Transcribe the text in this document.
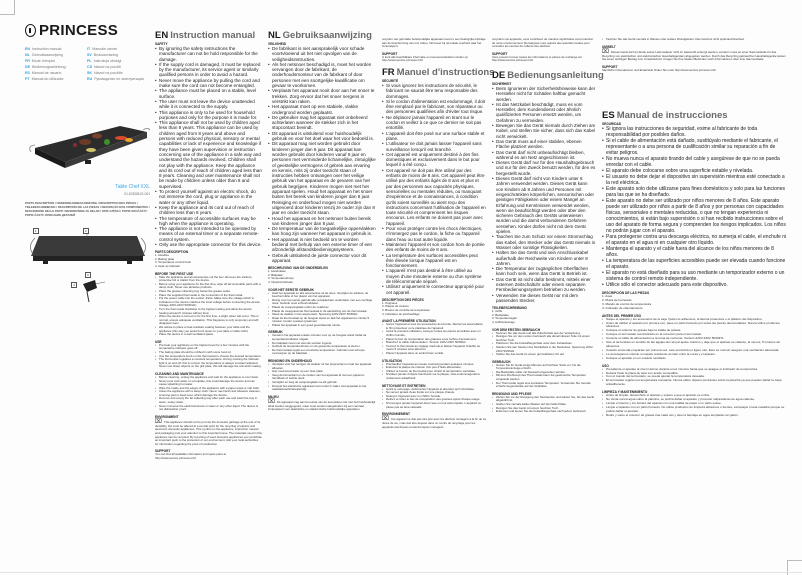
PRINCESS
EN Instruction manual	IT Manuale utente
NL Gebruiksaanwijzing	SV Bruksanvisning
FR Mode d'emploi	PL Instrukcja obsługi
DE Bedienungsanleitung	CS Návod na použití
ES Manual de usuario	SK Návod na použitie
PT Manual do utilizador	RU Руководство по эксплуатации
Table Chef XXL
01.103326.01.001
PARTS DESCRIPTION / ONDERDELENBESCHRIJVING / DESCRIPTION DES PIÈCES / TEILEBESCHREIBUNG / DESCRIPCIÓN DE LAS PIEZAS / DESCRIÇÃO DOS COMPONENTES / DESCRIZIONE DELLE PARTI / BESKRIVNING AV DELAR / OPIS CZĘŚCI / POPIS SOUČÁSTÍ / POPIS ČASTÍ / ОПИСАНИЕ ДЕТАЛЕЙ
1	2
3
4
EN Instruction manual
SAFETY
• By ignoring the safety instructions the manufacturer can not be hold responsible for the damage.
• If the supply cord is damaged, it must be replaced by the manufacturer, its service agent or similarly qualified persons in order to avoid a hazard.
• Never move the appliance by pulling the cord and make sure the cord can not become entangled.
• The appliance must be placed on a stable, level surface.
• The user must not leave the device unattended while it is connected to the supply.
• This appliance is only to be used for household purposes and only for the purpose it is made for.
• This appliance shall not be used by children aged less than 8 years. This appliance can be used by children aged from 8 years and above and persons with reduced physical, sensory or mental capabilities or lack of experience and knowledge if they have been given supervision or instruction concerning use of the appliance in a safe way and understand the hazards involved. Children shall not play with the appliance. Keep the appliance and its cord out of reach of children aged less than 8 years. Cleaning and user maintenance shall not be made by children unless older than 8 and supervised.
• To protect yourself against an electric shock, do not immerse the cord, plug or appliance in the water or any other liquid.
• Keep the appliance and its cord out of reach of children less than 8 years.
• The temperature of accessible surfaces may be high when the appliance is operating.
• The appliance is not intended to be operated by means of an external timer or a separate remote-control system.
• Only use the appropriate connector for this device.
PARTS DESCRIPTION
1. Handles
2. Baking plate
3. Temperature control knob
4. Heat up indicator
BEFORE THE FIRST USE
• Take the appliance and all accessories out the box. Remove the stickers, protective foil or plastic from the device.
• Before using your appliance for the first time, wipe off all removable parts with a damp cloth. Never use abrasive products.
• Place the grease collecting tray below the grease outlet.
• Place the supplied thermostat in the connection of the thermostat.
• Put the power cable into the socket. (Note: Make sure the voltage which is indicated on the device matches the local voltage before connecting the device. Voltage 220V-240V 50/60Hz)
• Turn the thermostat clockwise to the highest setting and allow the device heating at least 5 minutes without food.
• When the device is turned on for the first time, a slight odour will occur. This is normal, ensure adequate ventilation. This fragrance is only temporary and will disappear soon.
• We advise to place a heat-resistant coating between your table and the appliance (this way you avoid burnt spots on your table or table cloth).
• Place the device in a well ventilated space.
USE
• Pre-heat your appliance on the highest level for a few minutes until the temperature indicator goes off.
• The baking plate should be rubbed in with some food oil.
• Use the temperature knob on the thermostat to choose the desired temperature.
• The thermostat regulates a constant temperature. During cooking the indicator light is on and off, this is normal, the temperature is always constant adjusted. Never use sharp objects on the grill plate, this will damage the anti-stick coating.
CLEANING AND MAINTENANCE
• Before cleaning, unplug the appliance and wait for the appliance to cool down.
• Never pour cold water on a hotplate, this could damage the device and can cause splashing hot water.
• Wipe the inside and the edges of the appliance with a paper towel or soft cloth.
• Clean the appliance with a damp cloth. Never use harsh and abrasive cleaners, scouring pad or steel wool, which damage the device.
• Remove and empty the fat collecting tray after each use and wash the tray in warm, soapy water.
• Never immerse the electrical device in water or any other liquid. The device is not dishwasher proof.
ENVIRONMENT
⌧ This appliance should not be put into the domestic garbage at the end of its durability, but must be offered at a central point for the recycling of electric and electronic domestic appliances. This symbol on the appliance, instruction manual and packaging puts your attention to this important issue. The materials used in this appliance can be recycled. By recycling of used domestic appliances you contribute an important push to the protection of our environment. Ask your local authorities for information regarding the point of recollection.
SUPPORT
You can find all available information and spare parts at http://www.service.princess.info!
NL Gebruiksaanwijzing
VEILIGHEID
• De fabrikant is niet aansprakelijk voor schade voortvloeiend uit het niet opvolgen van de veiligheidsinstructies.
• Als het netsnoer beschadigd is, moet het worden vervangen door de fabrikant, de onderhoudsmonteur van de fabrikant of door personen met een soortgelijke kwalificatie om gevaar te voorkomen.
• Verplaats het apparaat nooit door aan het snoer te trekken. Zorg ervoor dat het snoer nergens in verstrikt kan raken.
• Het apparaat moet op een stabiele, vlakke ondergrond worden geplaatst.
• De gebruiker mag het apparaat niet onbeheerd achterlaten wanneer de stekker zich in het stopcontact bevindt.
• Dit apparaat is uitsluitend voor huishoudelijk gebruik en voor het doel waar het voor bedoeld is.
• Dit apparaat mag niet worden gebruikt door kinderen jonger dan 8 jaar. Dit apparaat kan worden gebruikt door kinderen vanaf 8 jaar en personen met verminderde lichamelijke, zintuiglijke of geestelijke vermogens of gebrek aan ervaring en kennis, mits zij onder toezicht staan of instructies hebben ontvangen over het veilige gebruik van het apparaat en de gevaren van het gebruik begrijpen. Kinderen mogen niet met het apparaat spelen. Houd het apparaat en het snoer buiten het bereik van kinderen jonger dan 8 jaar. Reiniging en onderhoud mogen niet worden uitgevoerd door kinderen tenzij ze ouder zijn dan 8 jaar en onder toezicht staan.
• Houd het apparaat en het netsnoer buiten bereik van kinderen jonger dan 8 jaar.
• De temperatuur van de toegankelijke oppervlakken kan hoog zijn wanneer het apparaat in gebruik is.
• Het apparaat is niet bedoeld om te worden bediend met behulp van een externe timer of een afzonderlijk afstandsbedieningssysteem.
• Gebruik uitsluitend de juiste connector voor dit apparaat.
BESCHRIJVING VAN DE ONDERDELEN
1. Handvatten
2. Bakplaat
3. Temperatuurknop
4. Opwarmindicator
VOOR HET EERSTE GEBRUIK
• Haal het apparaat en alle accessoires uit de doos. Verwijder de stickers, de beschermfolie of het plastic van het apparaat.
• Reinig voor het eerste gebruik alle verwijderbare onderdelen met een vochtige doek. Gebruik nooit schuurmiddelen.
• Plaats de vetopvanglade onder de vetafvoer.
• Plaats de meegeleverde thermostaat in de aansluiting van de thermostaat.
• Steek de stekker in het stopcontact. Spanning 220V-240V 50/60Hz.
• Draai de thermostaat op de hoogste stand en laat het apparaat ten minste 5 minuten zonder voedsel opwarmen.
• Plaats het apparaat in een goed geventileerde ruimte.
GEBRUIK
• Verwarm het apparaat enkele minuten voor op de hoogste stand totdat de temperatuurindicator uitgaat.
• De bakplaat moet met wat olie worden ingevet.
• Gebruik de temperatuurknop om de gewenste temperatuur te kiezen.
• De thermostaat regelt een constante temperatuur. Gebruik nooit scherpe voorwerpen op de bakplaat.
REINIGING EN ONDERHOUD
• Verwijder vóór het reinigen de stekker uit het stopcontact en laat het apparaat afkoelen.
• Giet nooit koud water op een hete plaat.
• Veeg de binnenkant en de randen van het apparaat af met een papieren handdoek of zachte doek.
• Verwijder en leeg de vetopvanglade na elk gebruik.
• Dompel het elektrische apparaat nooit onder in water. Het apparaat is niet vaatwasmachinebestendig.
MILIEU
⌧ Dit apparaat mag aan het einde van de levensduur niet met het huishoudelijk afval worden weggegooid, maar moet worden aangeboden bij een centraal inzamelpunt voor elektrische en elektronische huishoudelijke apparaten.
recyclen van gebruikte huishoudelijke apparaten levert u een belangrijke bijdrage aan de bescherming van ons milieu. Informeer bij uw lokale overheid naar het inzamelpunt.
SUPPORT
U kunt alle beschikbare informatie en reserveonderdelen vinden op http://www.service.princess.info!
FR Manuel d'instructions
SÉCURITÉ
• Si vous ignorez les instructions de sécurité, le fabricant ne saurait être tenu responsable des dommages.
• Si le cordon d'alimentation est endommagé, il doit être remplacé par le fabricant, son réparateur ou des personnes qualifiées afin d'éviter tout risque.
• Ne déplacez jamais l'appareil en tirant sur le cordon et veillez à ce que ce dernier ne soit pas entortillé.
• L'appareil doit être posé sur une surface stable et plane.
• L'utilisateur ne doit jamais laisser l'appareil sans surveillance lorsqu'il est branché.
• Cet appareil est uniquement destiné à des fins domestiques et exclusivement dans le but pour lequel il a été conçu.
• Cet appareil ne doit pas être utilisé par des enfants de moins de 8 ans. Cet appareil peut être utilisé par des enfants âgés de 8 ans et plus et par des personnes aux capacités physiques, sensorielles ou mentales réduites, ou manquant d'expérience et de connaissances, à condition qu'ils soient surveillés ou aient reçu des instructions concernant l'utilisation de l'appareil en toute sécurité et comprennent les risques encourus. Les enfants ne doivent pas jouer avec l'appareil.
• Pour vous protéger contre les chocs électriques, n'immergez pas le cordon, la fiche ou l'appareil dans l'eau ou tout autre liquide.
• Maintenez l'appareil et son cordon hors de portée des enfants de moins de 8 ans.
• La température des surfaces accessibles peut être élevée lorsque l'appareil est en fonctionnement.
• L'appareil n'est pas destiné à être utilisé au moyen d'une minuterie externe ou d'un système de télécommande séparé.
• Utilisez uniquement le connecteur approprié pour cet appareil.
DESCRIPTION DES PIÈCES
1. Poignées
2. Plaque de cuisson
3. Bouton de contrôle de température
4. Indicateur de préchauffage
AVANT LA PREMIÈRE UTILISATION
• Sortez l'appareil et tous les accessoires de la boîte. Retirez les autocollants, le film protecteur ou le plastique de l'appareil.
• Avant la première utilisation, essuyez toutes les pièces amovibles avec un chiffon humide.
• Placez le bac de récupération des graisses sous l'orifice d'écoulement.
• Branchez le câble d'alimentation. Tension 220V-240V 50/60Hz.
• Tournez le thermostat au réglage maximal et laissez l'appareil chauffer au moins 5 minutes sans aliments.
• Placez l'appareil dans un endroit bien ventilé.
UTILISATION
• Préchauffez l'appareil au niveau maximal pendant quelques minutes.
• Enduisez la plaque de cuisson d'un peu d'huile alimentaire.
• Utilisez le bouton du thermostat pour choisir la température souhaitée.
• N'utilisez jamais d'objets tranchants sur la plaque, cela endommagerait le revêtement antiadhésif.
NETTOYAGE ET ENTRETIEN
• Avant le nettoyage, débranchez l'appareil et attendez qu'il refroidisse.
• Ne versez jamais d'eau froide sur une plaque chaude.
• Nettoyez l'appareil avec un chiffon humide.
• Retirez et videz le bac de récupération des graisses après chaque usage.
• N'immergez jamais l'appareil dans l'eau ou tout autre liquide. L'appareil ne passe pas au lave-vaisselle.
ENVIRONNEMENT
⌧ Cet appareil ne doit pas être jeté avec les déchets ménagers à la fin de sa durée de vie, mais doit être déposé dans un centre de recyclage pour les appareils électriques et électroniques ménagers.
recyclant vos appareils, vous contribuez de manière significative à la protection de notre environnement. Renseignez-vous auprès des autorités locales pour connaître les centres de collecte des déchets.
SUPPORT
Vous pouvez trouver toutes les informations et pièces de rechange sur http://www.service.princess.info!
DE Bedienungsanleitung
SICHERHEIT
• Beim Ignorieren der Sicherheitshinweise kann der Hersteller nicht für Schäden haftbar gemacht werden.
• Ist das Netzkabel beschädigt, muss es vom Hersteller, dem Kundendienst oder ähnlich qualifizierten Personen ersetzt werden, um Gefahren zu vermeiden.
• Bewegen Sie das Gerät niemals durch Ziehen am Kabel, und stellen Sie sicher, dass sich das Kabel nicht verwickelt.
• Das Gerät muss auf einer stabilen, ebenen Fläche platziert werden.
• Das Gerät darf nicht unbeaufsichtigt bleiben, während es am Netz angeschlossen ist.
• Dieses Gerät darf nur für den Haushaltsgebrauch und nur für den Zweck benutzt werden, für den es hergestellt wurde.
• Dieses Gerät darf nicht von Kindern unter 8 Jahren verwendet werden. Dieses Gerät kann von Kindern ab 8 Jahren und Personen mit eingeschränkten körperlichen, sensorischen oder geistigen Fähigkeiten oder einem Mangel an Erfahrung und Kenntnissen verwendet werden, wenn sie beaufsichtigt werden oder über den sicheren Gebrauch des Geräts unterwiesen wurden und die damit verbundenen Gefahren verstehen. Kinder dürfen nicht mit dem Gerät spielen.
• Tauchen Sie zum Schutz vor einem Stromschlag das Kabel, den Stecker oder das Gerät niemals in Wasser oder sonstige Flüssigkeiten.
• Halten Sie das Gerät und sein Anschlusskabel außerhalb der Reichweite von Kindern unter 8 Jahren.
• Die Temperatur der zugänglichen Oberflächen kann hoch sein, wenn das Gerät in Betrieb ist.
• Das Gerät ist nicht dafür bestimmt, mittels einer externen Zeitschaltuhr oder einem separaten Fernbedienungssystem betrieben zu werden.
• Verwenden Sie dieses Gerät nur mit dem passenden Stecker.
TEILEBESCHREIBUNG
1. Griffe
2. Backplatte
3. Temperaturregler
4. Aufheizanzeige
VOR DEM ERSTEN GEBRAUCH
• Nehmen Sie das Gerät und alle Zubehörteile aus der Verpackung.
• Reinigen Sie vor dem ersten Gebrauch alle abnehmbaren Teile mit einem feuchten Tuch.
• Platzieren Sie die Fettauffangschale unter dem Fettauslass.
• Stecken Sie den Stecker des Netzkabels in die Steckdose. Spannung 220V-240V 50/60Hz.
• Stellen Sie das Gerät an einem gut belüfteten Ort auf.
GEBRAUCH
• Heizen Sie Ihr Gerät einige Minuten auf höchster Stufe vor, bis die Temperaturanzeige erlischt.
• Die Backplatte sollte mit Speiseöl eingerieben werden.
• Mit dem Drehknopf des Thermostats kann die gewünschte Temperatur eingestellt werden.
• Der Thermostat regelt eine konstante Temperatur. Verwenden Sie niemals scharfe Gegenstände auf der Grillplatte.
REINIGUNG UND PFLEGE
• Ziehen Sie vor der Reinigung den Netzstecker und warten Sie, bis das Gerät abgekühlt ist.
• Gießen Sie niemals kaltes Wasser auf die heiße Platte.
• Reinigen Sie das Gerät mit einem feuchten Tuch.
• Entfernen und leeren Sie die Fettauffangschale nach jedem Gebrauch.
• Tauchen Sie das Gerät niemals in Wasser oder andere Flüssigkeiten. Das Gerät ist nicht spülmaschinenfest.
UMWELT
⌧ Dieses Gerät darf am Ende seiner Lebensdauer nicht im Hausmüll entsorgt werden, sondern muss an einer Sammelstelle für das Recycling von elektrischen und elektronischen Haushaltsgeräten abgegeben werden. Durch das Recycling gebrauchter Haushaltsgeräte leisten Sie einen wichtigen Beitrag zum Umweltschutz. Fragen Sie Ihre lokalen Behörden nach Informationen über eine Sammelstelle.
SUPPORT
Sämtliche Informationen und Ersatzteile finden Sie unter http://www.service.princess.info!
ES Manual de instrucciones
SEGURIDAD
• Si ignora las instrucciones de seguridad, exime al fabricante de toda responsabilidad por posibles daños.
• Si el cable de alimentación está dañado, sustitúyalo mediante el fabricante, el representante o a una persona de cualificación similar su reparación a fin de evitar peligros.
• No mueva nunca el aparato tirando del cable y asegúrese de que no se pueda enredar con el cable.
• El aparato debe colocarse sobre una superficie estable y nivelada.
• El usuario no debe dejar el dispositivo sin supervisión mientras esté conectado a la red eléctrica.
• Este aparato solo debe utilizarse para fines domésticos y solo para las funciones para las que se ha diseñado.
• Este aparato no debe ser utilizado por niños menores de 8 años. Este aparato puede ser utilizado por niños a partir de 8 años y por personas con capacidades físicas, sensoriales o mentales reducidas, o que no tengan experiencia ni conocimientos, si están bajo supervisión o si han recibido instrucciones sobre el uso del aparato de forma segura y comprenden los riesgos implicados. Los niños no podrán jugar con el aparato.
• Para protegerse contra una descarga eléctrica, no sumerja el cable, el enchufe ni el aparato en el agua ni en cualquier otro líquido.
• Mantenga el aparato y el cable fuera del alcance de los niños menores de 8 años.
• La temperatura de las superficies accesibles puede ser elevada cuando funcione el aparato.
• El aparato no está diseñado para su uso mediante un temporizador externo o un sistema de control remoto independiente.
• Utilice sólo el conector adecuado para este dispositivo.
DESCRIPCIÓN DE LAS PIEZAS
1. Asas
2. Placa de horneado
3. Mando de control de temperatura
4. Indicador de calentamiento
ANTES DEL PRIMER USO
• Saque el aparato y los accesorios de la caja. Quite los adhesivos, la lámina protectora o el plástico del dispositivo.
• Antes de utilizar el aparato por primera vez, pase un paño húmedo por todas las piezas desmontables. Nunca utilice productos abrasivos.
• Coloque el colector de grasas bajo la salida de grasas.
• Coloque el termostato suministrado en la conexión para el termostato.
• Conecte el cable de alimentación a la toma de corriente. Tensión 220V-240V 50/60Hz.
• Gire el termostato en sentido de las agujas del reloj al ajuste máximo y deje que el aparato se caliente, al menos, 5 minutos sin alimentos.
• Cuando encienda el aparato por primera vez, este producirá un ligero olor. Esto es normal; asegure una ventilación adecuada.
• Le aconsejamos colocar un tapete resistente al calor entre la mesa y el aparato.
• Coloque el aparato en un espacio ventilado.
USO
• Precaliente el aparato al nivel máximo durante unos minutos hasta que se apague el indicador de temperatura.
• Deberá frotar la placa de asar con aceite comestible.
• Con el mando del termostato, se puede ajustar la temperatura deseada.
• El termostato regula una temperatura constante. Nunca utilice objetos punzantes sobre la plancha ya que pueden dañar la capa antiadherente.
LIMPIEZA Y MANTENIMIENTO
• Antes de limpiar, desenchufe el aparato y espere a que el aparato se enfríe.
• No vierta nunca agua sobre la plancha, se podría dañar el aparato y provocar salpicaduras de agua caliente.
• Limpie el interior y los bordes del aparato con una toallita de papel o un paño suave.
• Limpie el aparato con un paño húmedo. No utilice productos de limpieza abrasivos o fuertes, estropajos o lana metálica porque se podría dañar el aparato.
• Retire y vacíe el colector de grasas tras cada uso y lave la bandeja en agua templada con jabón.
